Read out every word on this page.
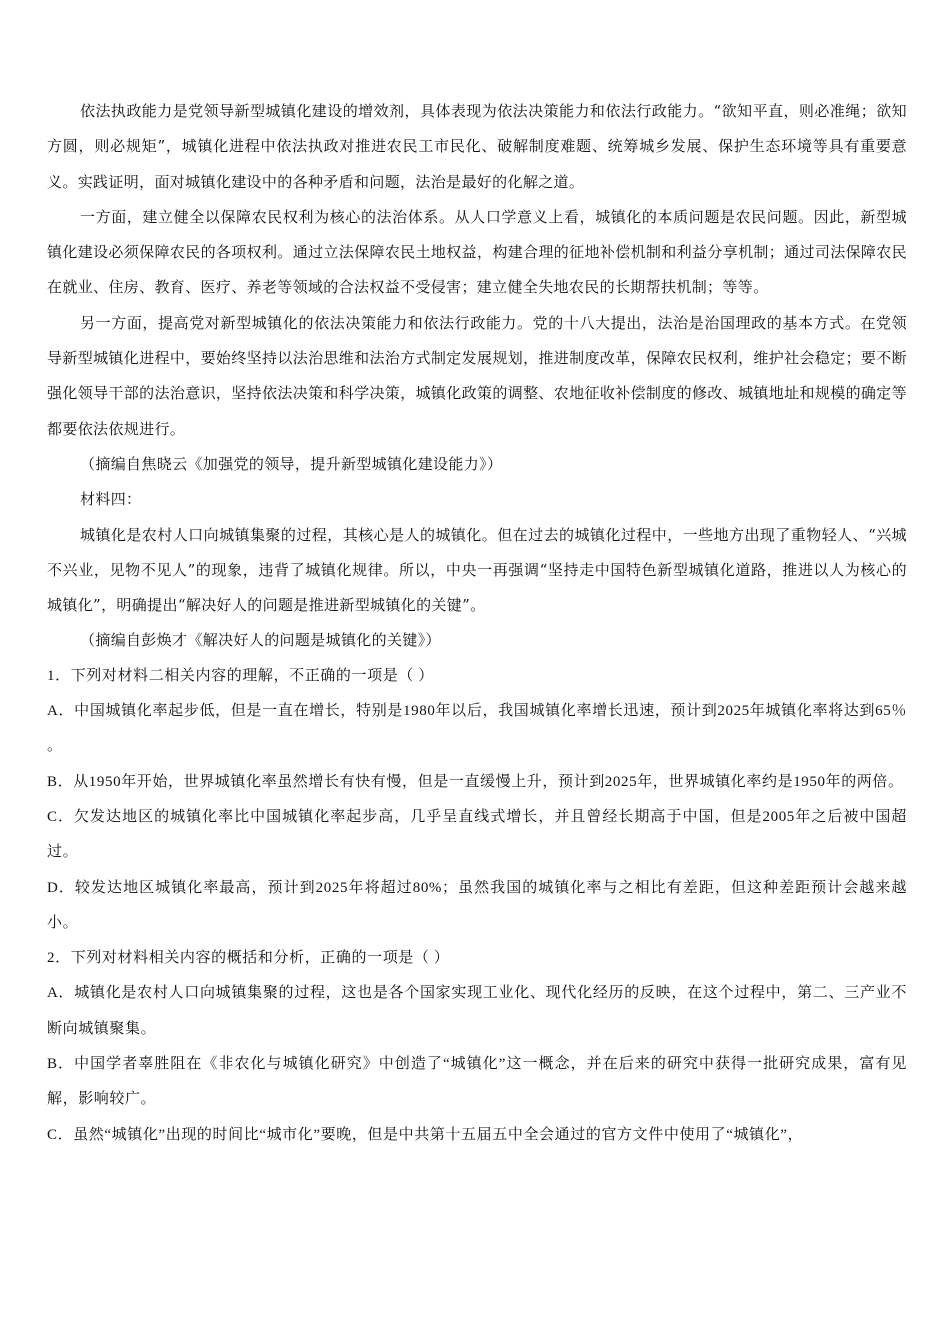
依法执政能力是党领导新型城镇化建设的增效剂，具体表现为依法决策能力和依法行政能力。“欲知平直，则必准绳；欲知方圆，则必规矩”，城镇化进程中依法执政对推进农民工市民化、破解制度难题、统筹城乡发展、保护生态环境等具有重要意义。实践证明，面对城镇化建设中的各种矛盾和问题，法治是最好的化解之道。

一方面，建立健全以保障农民权利为核心的法治体系。从人口学意义上看，城镇化的本质问题是农民问题。因此，新型城镇化建设必须保障农民的各项权利。通过立法保障农民土地权益，构建合理的征地补偿机制和利益分享机制；通过司法保障农民在就业、住房、教育、医疗、养老等领域的合法权益不受侵害；建立健全失地农民的长期帮扶机制；等等。

另一方面，提高党对新型城镇化的依法决策能力和依法行政能力。党的十八大提出，法治是治国理政的基本方式。在党领导新型城镇化进程中，要始终坚持以法治思维和法治方式制定发展规划，推进制度改革，保障农民权利，维护社会稳定；要不断强化领导干部的法治意识，坚持依法决策和科学决策，城镇化政策的调整、农地征收补偿制度的修改、城镇地址和规模的确定等都要依法依规进行。

（摘编自焦晓云《加强党的领导，提升新型城镇化建设能力》）

材料四：

城镇化是农村人口向城镇集聚的过程，其核心是人的城镇化。但在过去的城镇化过程中，一些地方出现了重物轻人、“兴城不兴业，见物不见人”的现象，违背了城镇化规律。所以，中央一再强调“坚持走中国特色新型城镇化道路，推进以人为核心的城镇化”，明确提出“解决好人的问题是推进新型城镇化的关键”。

（摘编自彭焕才《解决好人的问题是城镇化的关键》）

1．下列对材料二相关内容的理解，不正确的一项是（ ）

A．中国城镇化率起步低，但是一直在增长，特别是1980年以后，我国城镇化率增长迅速，预计到2025年城镇化率将达到65％ 。

B．从1950年开始，世界城镇化率虽然增长有快有慢，但是一直缓慢上升，预计到2025年，世界城镇化率约是1950年的两倍。

C．欠发达地区的城镇化率比中国城镇化率起步高，几乎呈直线式增长，并且曾经长期高于中国，但是2005年之后被中国超过。

D．较发达地区城镇化率最高，预计到2025年将超过80%；虽然我国的城镇化率与之相比有差距，但这种差距预计会越来越小。

2．下列对材料相关内容的概括和分析，正确的一项是（ ）

A．城镇化是农村人口向城镇集聚的过程，这也是各个国家实现工业化、现代化经历的反映，在这个过程中，第二、三产业不断向城镇聚集。

B．中国学者辜胜阻在《非农化与城镇化研究》中创造了“城镇化”这一概念，并在后来的研究中获得一批研究成果，富有见解，影响较广。

C．虽然“城镇化”出现的时间比“城市化”要晚，但是中共第十五届五中全会通过的官方文件中使用了“城镇化”，
